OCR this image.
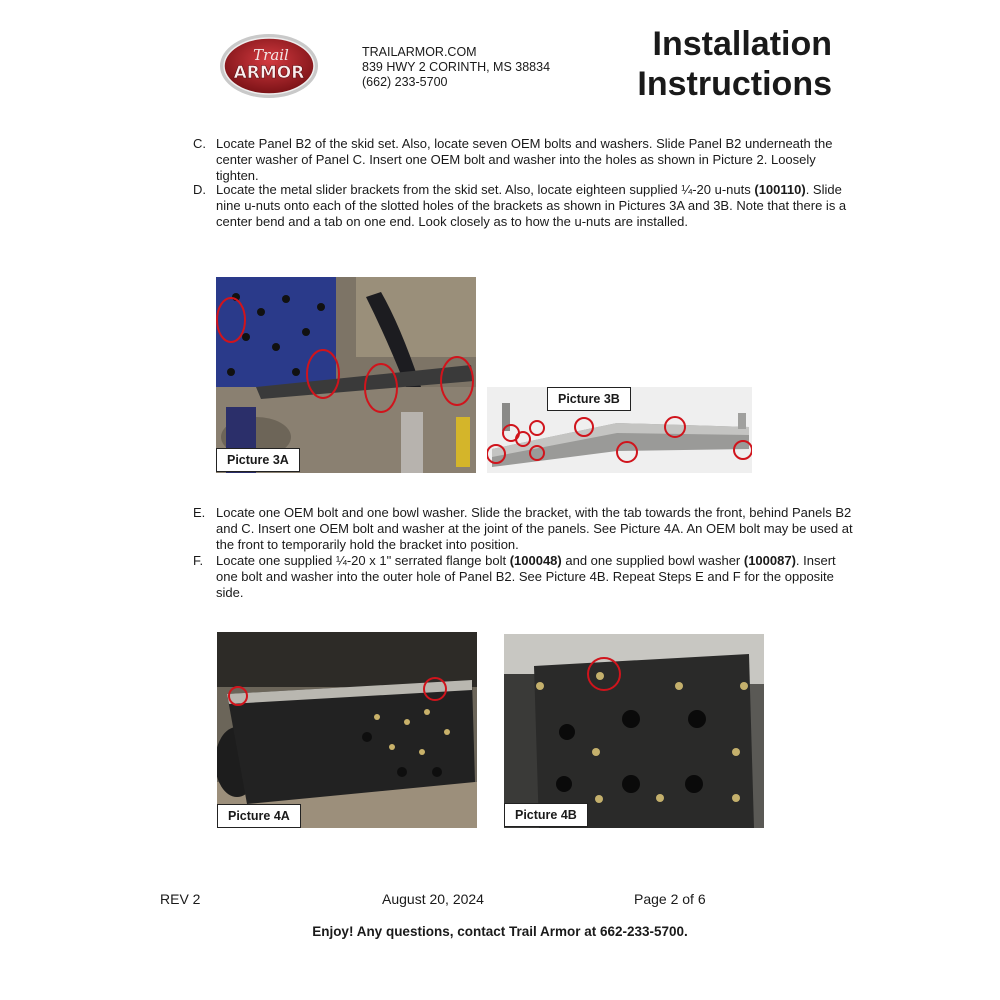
Trail
ARMOR
TRAILARMOR.COM
839 HWY 2 CORINTH, MS 38834
(662) 233-5700
Installation
Instructions
C. Locate Panel B2 of the skid set. Also, locate seven OEM bolts and washers. Slide Panel B2 underneath the center washer of Panel C. Insert one OEM bolt and washer into the holes as shown in Picture 2. Loosely tighten.
D. Locate the metal slider brackets from the skid set. Also, locate eighteen supplied ¼-20 u-nuts (100110). Slide nine u-nuts onto each of the slotted holes of the brackets as shown in Pictures 3A and 3B. Note that there is a center bend and a tab on one end. Look closely as to how the u-nuts are installed.
Picture 3A
Picture 3B
E. Locate one OEM bolt and one bowl washer. Slide the bracket, with the tab towards the front, behind Panels B2 and C. Insert one OEM bolt and washer at the joint of the panels. See Picture 4A. An OEM bolt may be used at the front to temporarily hold the bracket into position.
F. Locate one supplied ¼-20 x 1" serrated flange bolt (100048) and one supplied bowl washer (100087). Insert one bolt and washer into the outer hole of Panel B2. See Picture 4B. Repeat Steps E and F for the opposite side.
Picture 4A	Picture 4B
REV 2	August 20, 2024	Page 2 of 6
Enjoy! Any questions, contact Trail Armor at 662-233-5700.
